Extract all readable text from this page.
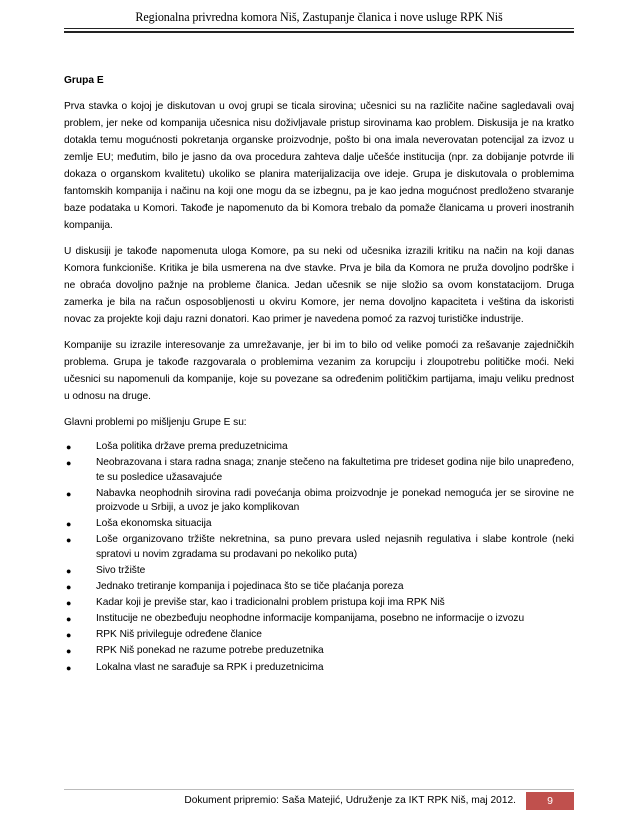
Regionalna privredna komora Niš, Zastupanje članica i nove usluge RPK Niš
Grupa E

Prva stavka o kojoj je diskutovan u ovoj grupi se ticala sirovina; učesnici su na različite načine sagledavali ovaj problem, jer neke od kompanija učesnica nisu doživljavale pristup sirovinama kao problem. Diskusija je na kratko dotakla temu mogućnosti pokretanja organske proizvodnje, pošto bi ona imala neverovatan potencijal za izvoz u zemlje EU; međutim, bilo je jasno da ova procedura zahteva dalje učešće institucija (npr. za dobijanje potvrde ili dokaza o organskom kvalitetu) ukoliko se planira materijalizacija ove ideje. Grupa je diskutovala o problemima fantomskih kompanija i načinu na koji one mogu da se izbegnu, pa je kao jedna mogućnost predloženo stvaranje baze podataka u Komori. Takođe je napomenuto da bi Komora trebalo da pomaže članicama u proveri inostranih kompanija.

U diskusiji je takođe napomenuta uloga Komore, pa su neki od učesnika izrazili kritiku na način na koji danas Komora funkcioniše. Kritika je bila usmerena na dve stavke. Prva je bila da Komora ne pruža dovoljno podrške i ne obraća dovoljno pažnje na probleme članica. Jedan učesnik se nije složio sa ovom konstatacijom. Druga zamerka je bila na račun osposobljenosti u okviru Komore, jer nema dovoljno kapaciteta i veština da iskoristi novac za projekte koji daju razni donatori. Kao primer je navedena pomoć za razvoj turističke industrije.

Kompanije su izrazile interesovanje za umrežavanje, jer bi im to bilo od velike pomoći za rešavanje zajedničkih problema. Grupa je takođe razgovarala o problemima vezanim za korupciju i zloupotrebu političke moći. Neki učesnici su napomenuli da kompanije, koje su povezane sa određenim političkim partijama, imaju veliku prednost u odnosu na druge.

Glavni problemi po mišljenju Grupe E su:

● Loša politika države prema preduzetnicima
● Neobrazovana i stara radna snaga; znanje stečeno na fakultetima pre trideset godina nije bilo unapređeno, te su posledice užasavajuće
● Nabavka neophodnih sirovina radi povećanja obima proizvodnje je ponekad nemoguća jer se sirovine ne proizvode u Srbiji, a uvoz je jako komplikovan
● Loša ekonomska situacija
● Loše organizovano tržište nekretnina, sa puno prevara usled nejasnih regulativa i slabe kontrole (neki spratovi u novim zgradama su prodavani po nekoliko puta)
● Sivo tržište
● Jednako tretiranje kompanija i pojedinaca što se tiče plaćanja poreza
● Kadar koji je previše star, kao i tradicionalni problem pristupa koji ima RPK Niš
● Institucije ne obezbeđuju neophodne informacije kompanijama, posebno ne informacije o izvozu
● RPK Niš privileguje određene članice
● RPK Niš ponekad ne razume potrebe preduzetnika
● Lokalna vlast ne sarađuje sa RPK i preduzetnicima
Dokument pripremio: Saša Matejić, Udruženje za IKT RPK Niš, maj 2012.	9
